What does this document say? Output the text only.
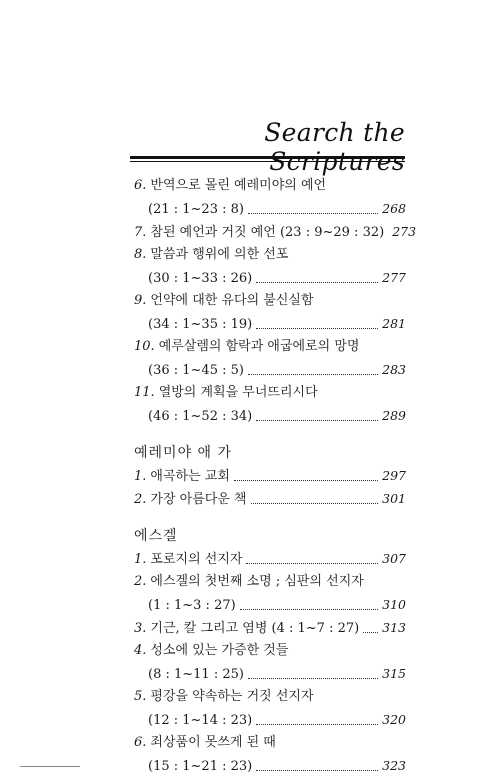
Search the
6. 반역으로 몰린 예레미야의 예언
(21 : 1~23 : 8)	268
7. 참된 예언과 거짓 예언 (23 : 9~29 : 32) 273
8. 말씀과 행위에 의한 선포
(30 : 1~33 : 26)	277
9. 언약에 대한 유다의 불신실함
(34 : 1~35 : 19)	281
10. 예루살렘의 함락과 애굽에로의 망명
(36 : 1~45 : 5)	283
11. 열방의 계획을 무너뜨리시다
(46 : 1~52 : 34)	289
예레미야 애 가
1. 애곡하는 교회	297
2. 가장 아름다운 책	301
에스겔
1. 포로지의 선지자	307
2. 에스겔의 첫번째 소명 ; 심판의 선지자
(1 : 1~3 : 27)	310
3. 기근, 칼 그리고 염병 (4 : 1~7 : 27) 313
4. 성소에 있는 가증한 것들
(8 : 1~11 : 25)	315
5. 평강을 약속하는 거짓 선지자
(12 : 1~14 : 23)	320
6. 죄상품이 못쓰게 된 때
(15 : 1~21 : 23)	323
